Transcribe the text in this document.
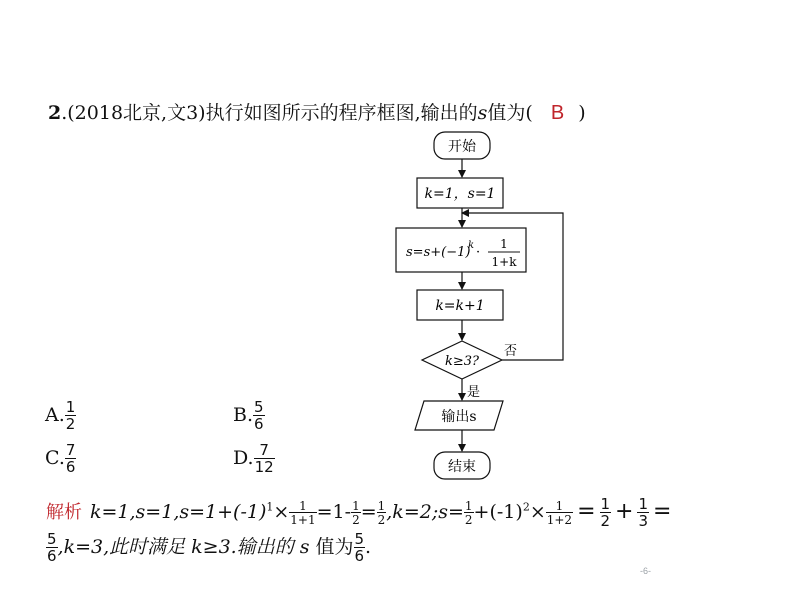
2.(2018北京,文3)执行如图所示的程序框图,输出的s值为( B )
开始
k=1，s=1
s=s+(−1)
k ·
1
1+k
k=k+1
k≥3?
否
是
输出s
结束
A. $\frac{1}{2}$	B. $\frac{5}{6}$
C. $\frac{7}{6}$	D. $\frac{7}{12}$
解析 $k=1,s=1,s=1+(-1)^1\times \frac{1}{1+1} =1- \frac{1}{2} = \frac{1}{2}$ ,k=2;s= $\frac{1}{2} +(-1)^2\times \frac{1}{1+2} = \frac{1}{2} + \frac{1}{3}$ =
$\frac{5}{6} ,k=3$,此时满足 k≥3.输出的 s 值为 $\frac{5}{6}$ .
-6-
